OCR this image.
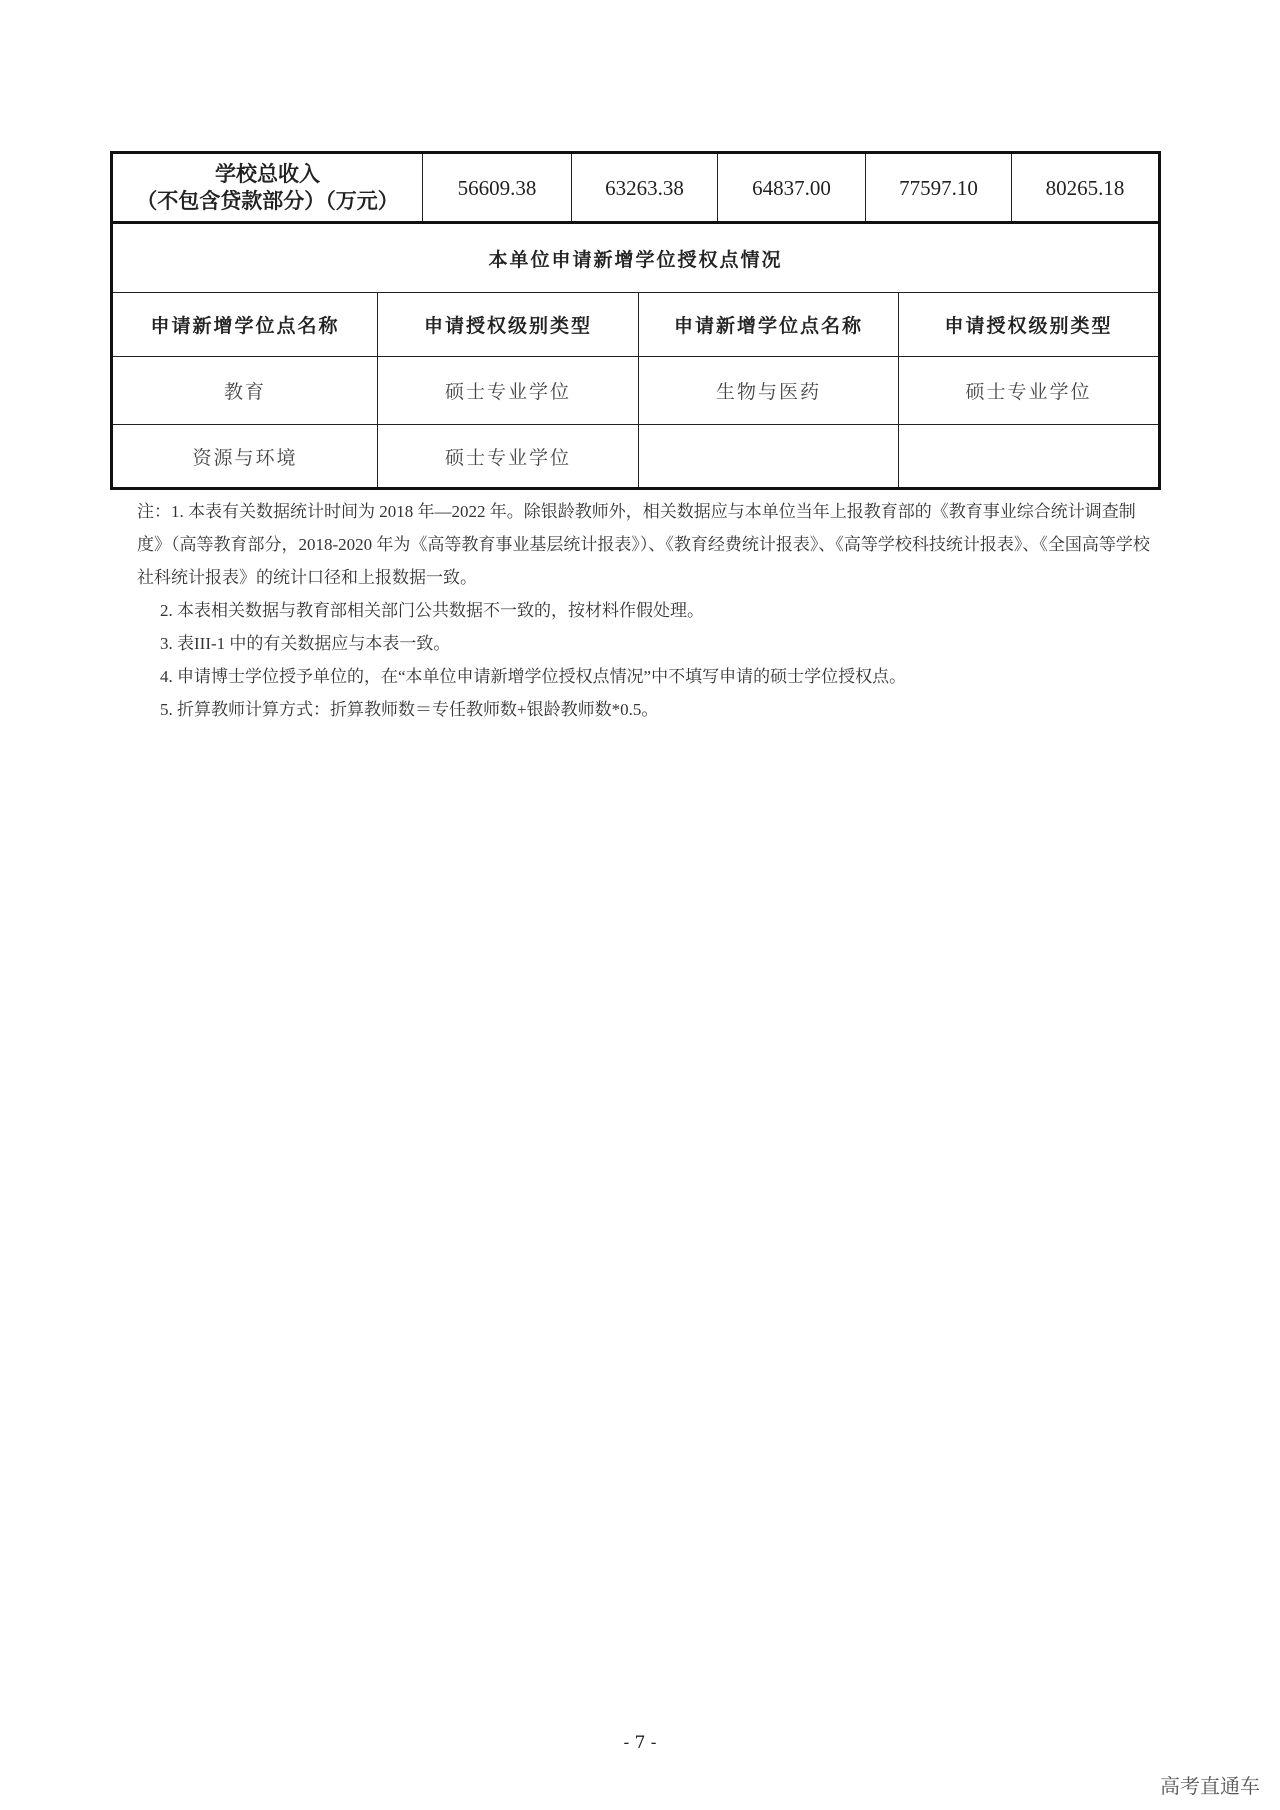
学校总收入
（不包含贷款部分）（万元）
	56609.38	63263.38	64837.00	77597.10	80265.18
本单位申请新增学位授权点情况			
申请新增学位点名称	申请授权级别类型	申请新增学位点名称	申请授权级别类型
教育	硕士专业学位	生物与医药	硕士专业学位
资源与环境	硕士专业学位		

注：1. 本表有关数据统计时间为 2018 年—2022 年。除银龄教师外，相关数据应与本单位当年上报教育部的《教育事业综合统计调查制度》（高等教育部分，2018-2020 年为《高等教育事业基层统计报表》）、《教育经费统计报表》、《高等学校科技统计报表》、《全国高等学校社科统计报表》的统计口径和上报数据一致。

2. 本表相关数据与教育部相关部门公共数据不一致的，按材料作假处理。

3. 表III-1 中的有关数据应与本表一致。

4. 申请博士学位授予单位的，在“本单位申请新增学位授权点情况”中不填写申请的硕士学位授权点。

5. 折算教师计算方式：折算教师数＝专任教师数+银龄教师数*0.5。

- 7 -
高考直通车
